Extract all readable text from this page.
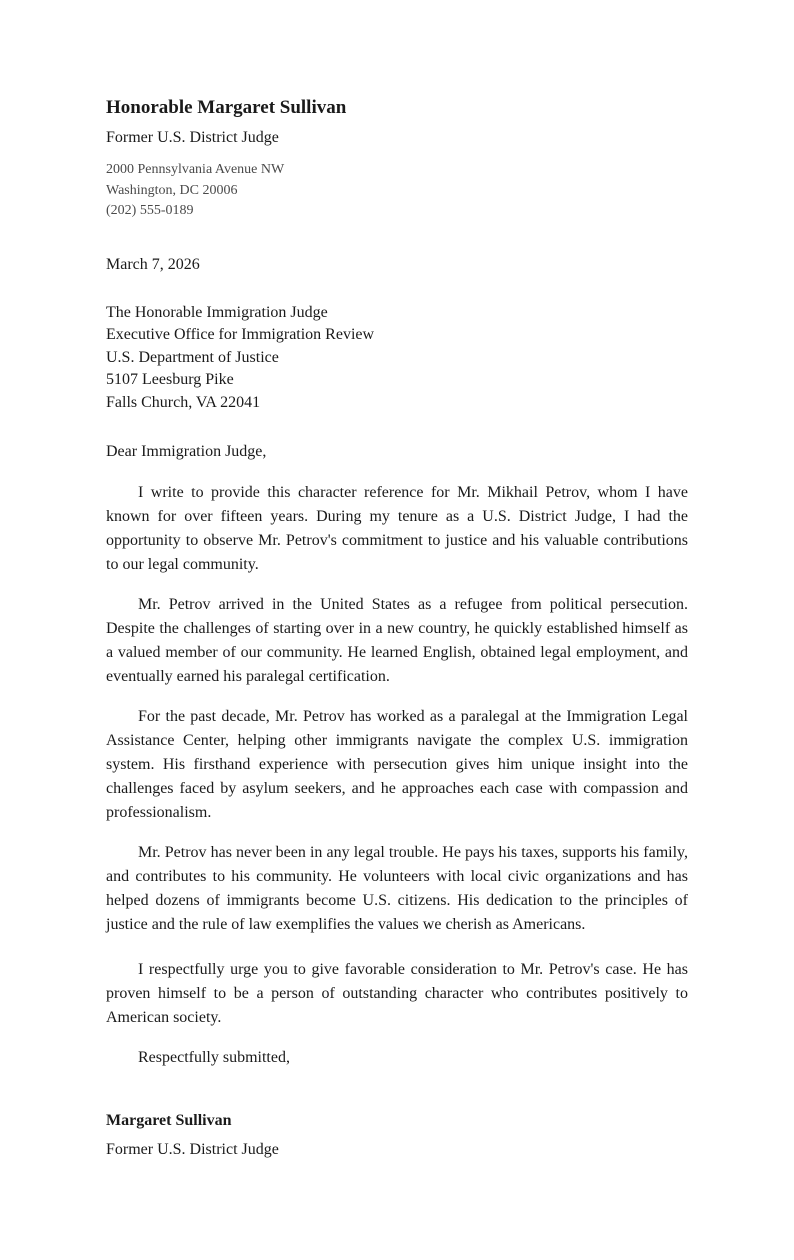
Honorable Margaret Sullivan
Former U.S. District Judge
2000 Pennsylvania Avenue NW
Washington, DC 20006
(202) 555-0189
March 7, 2026
The Honorable Immigration Judge
Executive Office for Immigration Review
U.S. Department of Justice
5107 Leesburg Pike
Falls Church, VA 22041
Dear Immigration Judge,

I write to provide this character reference for Mr. Mikhail Petrov, whom I have known for over fifteen years. During my tenure as a U.S. District Judge, I had the opportunity to observe Mr. Petrov's commitment to justice and his valuable contributions to our legal community.

Mr. Petrov arrived in the United States as a refugee from political persecution. Despite the challenges of starting over in a new country, he quickly established himself as a valued member of our community. He learned English, obtained legal employment, and eventually earned his paralegal certification.

For the past decade, Mr. Petrov has worked as a paralegal at the Immigration Legal Assistance Center, helping other immigrants navigate the complex U.S. immigration system. His firsthand experience with persecution gives him unique insight into the challenges faced by asylum seekers, and he approaches each case with compassion and professionalism.

Mr. Petrov has never been in any legal trouble. He pays his taxes, supports his family, and contributes to his community. He volunteers with local civic organizations and has helped dozens of immigrants become U.S. citizens. His dedication to the principles of justice and the rule of law exemplifies the values we cherish as Americans.

I respectfully urge you to give favorable consideration to Mr. Petrov's case. He has proven himself to be a person of outstanding character who contributes positively to American society.

Respectfully submitted,
Margaret Sullivan
Former U.S. District Judge
